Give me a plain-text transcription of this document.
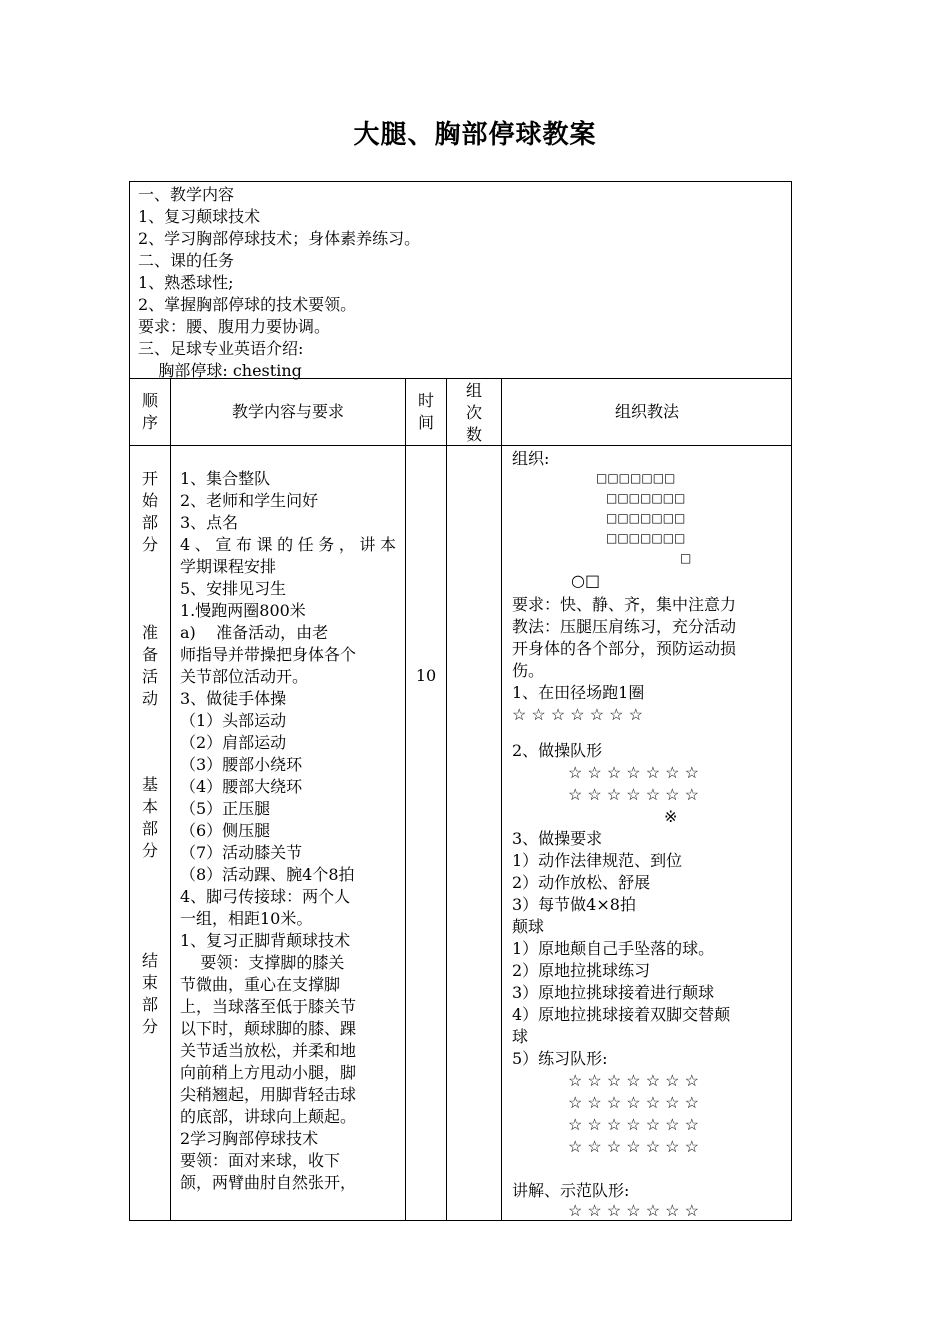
大腿、胸部停球教案
一、教学内容
1、复习颠球技术
2、学习胸部停球技术；身体素养练习。
二、课的任务
1、熟悉球性;
2、掌握胸部停球的技术要领。
要求：腰、腹用力要协调。
三、足球专业英语介绍:
胸部停球: chesting
顺
序
教学内容与要求
时
间
组
次
数
组织教法
开
始
部
分
准
备
活
动
基
本
部
分
结
束
部
分
1、集合整队
2、老师和学生问好
3、点名
4、宣布课的任务，讲本
学期课程安排
5、安排见习生
1.慢跑两圈800米
a)    准备活动，由老
师指导并带操把身体各个
关节部位活动开。
3、做徒手体操
（1）头部运动
（2）肩部运动
（3）腰部小绕环
（4）腰部大绕环
（5）正压腿
（6）侧压腿
（7）活动膝关节
（8）活动踝、腕4个8拍
4、脚弓传接球：两个人
一组，相距10米。
1、复习正脚背颠球技术
要领：支撑脚的膝关
节微曲，重心在支撑脚
上，当球落至低于膝关节
以下时，颠球脚的膝、踝
关节适当放松，并柔和地
向前稍上方甩动小腿，脚
尖稍翘起，用脚背轻击球
的底部，讲球向上颠起。
2学习胸部停球技术
要领：面对来球，收下
颌，两臂曲肘自然张开，
10
组织:
□□□□□□□
□□□□□□□
□□□□□□□
□□□□□□□
□
○□
要求：快、静、齐，集中注意力
教法：压腿压肩练习，充分活动
开身体的各个部分，预防运动损
伤。
1、在田径场跑1圈
☆ ☆ ☆ ☆ ☆ ☆ ☆
2、做操队形
☆ ☆ ☆ ☆ ☆ ☆ ☆
☆ ☆ ☆ ☆ ☆ ☆ ☆
※
3、做操要求
1）动作法律规范、到位
2）动作放松、舒展
3）每节做4×8拍
颠球
1）原地颠自己手坠落的球。
2）原地拉挑球练习
3）原地拉挑球接着进行颠球
4）原地拉挑球接着双脚交替颠
球
5）练习队形:
☆ ☆ ☆ ☆ ☆ ☆ ☆
☆ ☆ ☆ ☆ ☆ ☆ ☆
☆ ☆ ☆ ☆ ☆ ☆ ☆
☆ ☆ ☆ ☆ ☆ ☆ ☆
讲解、示范队形:
☆ ☆ ☆ ☆ ☆ ☆ ☆
